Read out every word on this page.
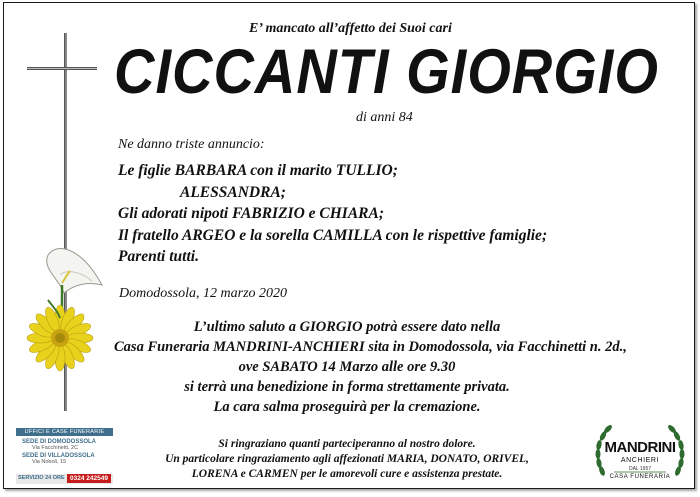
E’ mancato all’affetto dei Suoi cari
CICCANTI GIORGIO
di anni 84
Ne danno triste annuncio:
Le figlie BARBARA con il marito TULLIO;
ALESSANDRA;
Gli adorati nipoti FABRIZIO e CHIARA;
Il fratello ARGEO e la sorella CAMILLA con le rispettive famiglie;
Parenti tutti.
Domodossola, 12 marzo 2020
L’ultimo saluto a GIORGIO potrà essere dato nella
Casa Funeraria MANDRINI-ANCHIERI sita in Domodossola, via Facchinetti n. 2d.,
ove SABATO 14 Marzo alle ore 9.30
si terrà una benedizione in forma strettamente privata.
La cara salma proseguirà per la cremazione.
Si ringraziano quanti parteciperanno al nostro dolore.
Un particolare ringraziamento agli affezionati MARIA, DONATO, ORIVEL,
LORENA e CARMEN per le amorevoli cure e assistenza prestate.
UFFICI E CASE FUNERARIE
SEDE DI DOMODOSSOLA
Via Facchinetti, 2C
SEDE DI VILLADOSSOLA
Via Noboli, 15
SERVIZIO 24 ORE 0324 242549
MANDRINI
ANCHIERI
DAL 1957
CASA FUNERARIA
